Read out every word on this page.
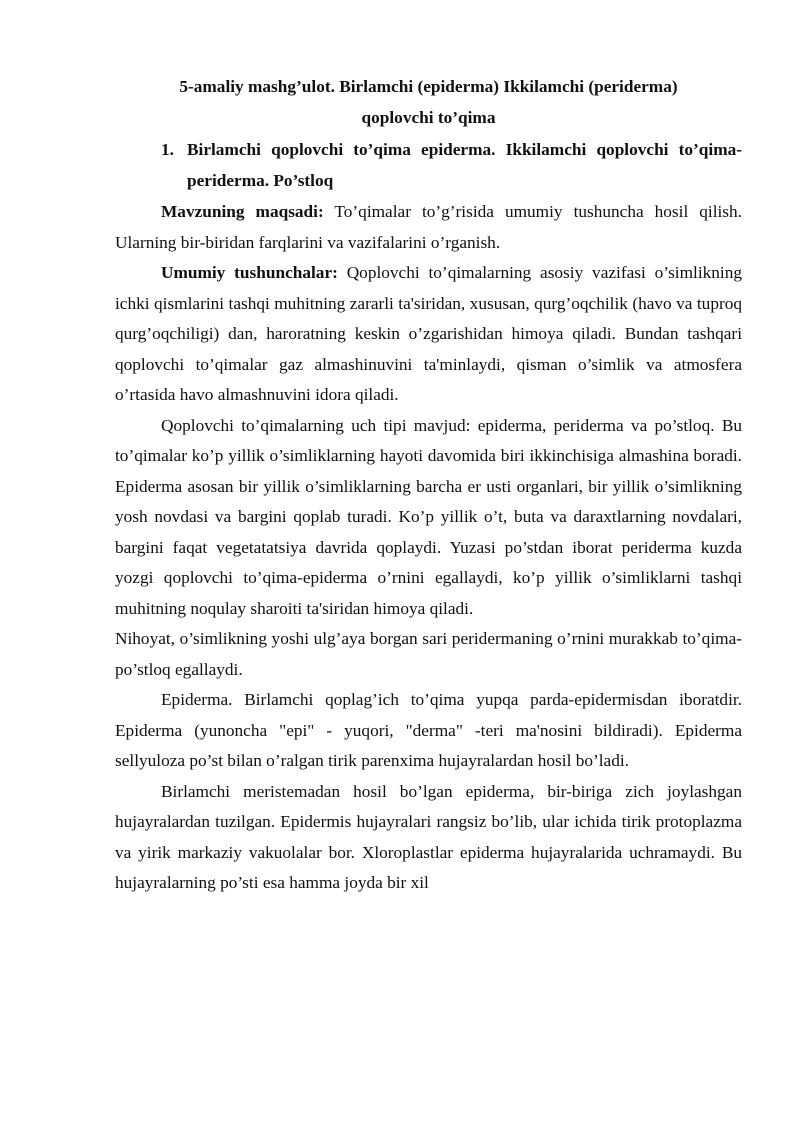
5-amaliy mashg’ulot. Birlamchi (epiderma) Ikkilamchi (periderma)
qoplovchi to’qima

1. Birlamchi qoplovchi to’qima epiderma. Ikkilamchi qoplovchi to’qima-periderma. Po’stloq

Mavzuning maqsadi: To’qimalar to’g’risida umumiy tushuncha hosil qilish. Ularning bir-biridan farqlarini va vazifalarini o’rganish.

Umumiy tushunchalar: Qoplovchi to’qimalarning asosiy vazifasi o’simlikning ichki qismlarini tashqi muhitning zararli ta'siridan, xususan, qurg’oqchilik (havo va tuproq qurg’oqchiligi) dan, haroratning keskin o’zgarishidan himoya qiladi. Bundan tashqari qoplovchi to’qimalar gaz almashinuvini ta'minlaydi, qisman o’simlik va atmosfera o’rtasida havo almashnuvini idora qiladi.

Qoplovchi to’qimalarning uch tipi mavjud: epiderma, periderma va po’stloq. Bu to’qimalar ko’p yillik o’simliklarning hayoti davomida biri ikkinchisiga almashina boradi. Epiderma asosan bir yillik o’simliklarning barcha er usti organlari, bir yillik o’simlikning yosh novdasi va bargini qoplab turadi. Ko’p yillik o’t, buta va daraxtlarning novdalari, bargini faqat vegetatatsiya davrida qoplaydi. Yuzasi po’stdan iborat periderma kuzda yozgi qoplovchi to’qima-epiderma o’rnini egallaydi, ko’p yillik o’simliklarni tashqi muhitning noqulay sharoiti ta'siridan himoya qiladi.

Nihoyat, o’simlikning yoshi ulg’aya borgan sari peridermaning o’rnini murakkab to’qima-po’stloq egallaydi.

Epiderma. Birlamchi qoplag’ich to’qima yupqa parda-epidermisdan iboratdir. Epiderma (yunoncha "epi" - yuqori, "derma" -teri ma'nosini bildiradi). Epiderma sellyuloza po’st bilan o’ralgan tirik parenxima hujayralardan hosil bo’ladi.

Birlamchi meristemadan hosil bo’lgan epiderma, bir-biriga zich joylashgan hujayralardan tuzilgan. Epidermis hujayralari rangsiz bo’lib, ular ichida tirik protoplazma va yirik markaziy vakuolalar bor. Xloroplastlar epiderma hujayralarida uchramaydi. Bu hujayralarning po’sti esa hamma joyda bir xil
